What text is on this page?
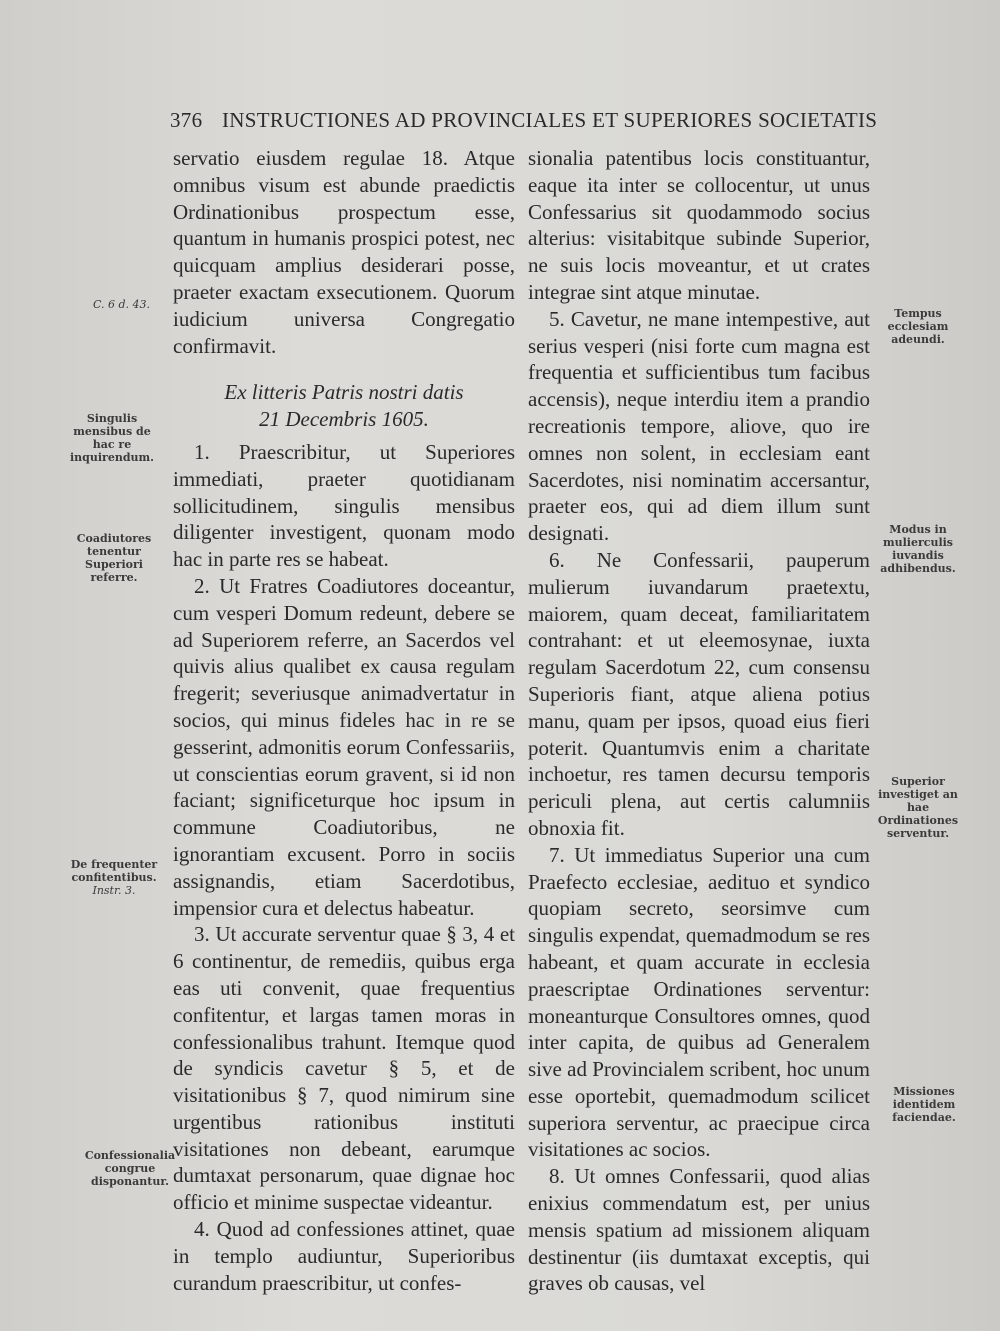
376 INSTRUCTIONES AD PROVINCIALES ET SUPERIORES SOCIETATIS

servatio eiusdem regulae 18. Atque omnibus visum est abunde praedictis Ordinationibus prospectum esse, quantum in humanis prospici potest, nec quicquam amplius desiderari posse, praeter exactam exsecutionem. Quorum iudicium universa Congregatio confirmavit.

Ex litteris Patris nostri datis
21 Decembris 1605.

1. Praescribitur, ut Superiores immediati, praeter quotidianam sollicitudinem, singulis mensibus diligenter investigent, quonam modo hac in parte res se habeat.

2. Ut Fratres Coadiutores doceantur, cum vesperi Domum redeunt, debere se ad Superiorem referre, an Sacerdos vel quivis alius qualibet ex causa regulam fregerit; severiusque animadvertatur in socios, qui minus fideles hac in re se gesserint, admonitis eorum Confessariis, ut conscientias eorum gravent, si id non faciant; significeturque hoc ipsum in commune Coadiutoribus, ne ignorantiam excusent. Porro in sociis assignandis, etiam Sacerdotibus, impensior cura et delectus habeatur.

3. Ut accurate serventur quae § 3, 4 et 6 continentur, de remediis, quibus erga eas uti convenit, quae frequentius confitentur, et largas tamen moras in confessionalibus trahunt. Itemque quod de syndicis cavetur § 5, et de visitationibus § 7, quod nimirum sine urgentibus rationibus instituti visitationes non debeant, earumque dumtaxat personarum, quae dignae hoc officio et minime suspectae videantur.

4. Quod ad confessiones attinet, quae in templo audiuntur, Superioribus curandum praescribitur, ut confes-

sionalia patentibus locis constituantur, eaque ita inter se collocentur, ut unus Confessarius sit quodammodo socius alterius: visitabitque subinde Superior, ne suis locis moveantur, et ut crates integrae sint atque minutae.

5. Cavetur, ne mane intempestive, aut serius vesperi (nisi forte cum magna est frequentia et sufficientibus tum facibus accensis), neque interdiu item a prandio recreationis tempore, aliove, quo ire omnes non solent, in ecclesiam eant Sacerdotes, nisi nominatim accersantur, praeter eos, qui ad diem illum sunt designati.

6. Ne Confessarii, pauperum mulierum iuvandarum praetextu, maiorem, quam deceat, familiaritatem contrahant: et ut eleemosynae, iuxta regulam Sacerdotum 22, cum consensu Superioris fiant, atque aliena potius manu, quam per ipsos, quoad eius fieri poterit. Quantumvis enim a charitate inchoetur, res tamen decursu temporis periculi plena, aut certis calumniis obnoxia fit.

7. Ut immediatus Superior una cum Praefecto ecclesiae, aedituo et syndico quopiam secreto, seorsimve cum singulis expendat, quemadmodum se res habeant, et quam accurate in ecclesia praescriptae Ordinationes serventur: moneanturque Consultores omnes, quod inter capita, de quibus ad Generalem sive ad Provincialem scribent, hoc unum esse oportebit, quemadmodum scilicet superiora serventur, ac praecipue circa visitationes ac socios.

8. Ut omnes Confessarii, quod alias enixius commendatum est, per unius mensis spatium ad missionem aliquam destinentur (iis dumtaxat exceptis, qui graves ob causas, vel

C. 6 d. 43.
Singulis mensibus de hac re inquirendum.
Coadiutores tenentur Superiori referre.
De frequenter confitentibus.
Instr. 3.
Confessionalia congrue disponantur.
Tempus ecclesiam adeundi.
Modus in mulierculis iuvandis adhibendus.
Superior investiget an hae Ordinationes serventur.
Missiones identidem faciendae.
